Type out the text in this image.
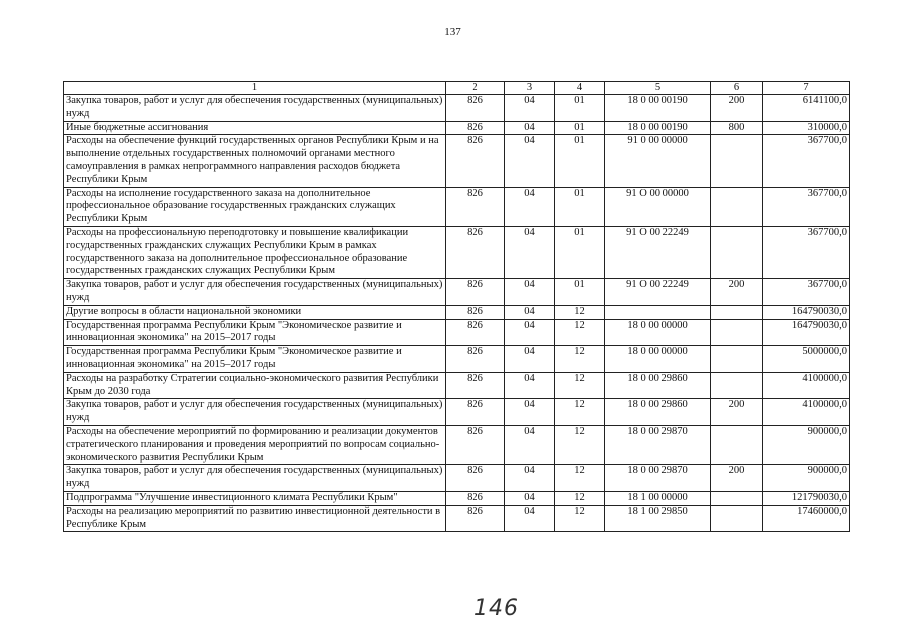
137
1	2	3	4	5	6	7
Закупка товаров, работ и услуг для обеспечения государственных (муниципальных) нужд	826	04	01	18 0 00 00190	200	6141100,0
Иные бюджетные ассигнования	826	04	01	18 0 00 00190	800	310000,0
Расходы на обеспечение функций государственных органов Республики Крым и на выполнение отдельных государственных полномочий органами местного самоуправления в рамках непрограммного направления расходов бюджета Республики Крым	826	04	01	91 0 00 00000		367700,0
Расходы на исполнение государственного заказа на дополнительное профессиональное образование государственных гражданских служащих Республики Крым	826	04	01	91 О 00 00000		367700,0
Расходы на профессиональную переподготовку и повышение квалификации государственных гражданских служащих Республики Крым в рамках государственного заказа на дополнительное профессиональное образование государственных гражданских служащих Республики Крым	826	04	01	91 О 00 22249		367700,0
Закупка товаров, работ и услуг для обеспечения государственных (муниципальных) нужд	826	04	01	91 О 00 22249	200	367700,0
Другие вопросы в области национальной экономики	826	04	12			164790030,0
Государственная программа Республики Крым "Экономическое развитие и инновационная экономика" на 2015–2017 годы	826	04	12	18 0 00 00000		164790030,0
Государственная программа Республики Крым "Экономическое развитие и инновационная экономика" на 2015–2017 годы	826	04	12	18 0 00 00000		5000000,0
Расходы на разработку Стратегии социально-экономического развития Республики Крым до 2030 года	826	04	12	18 0 00 29860		4100000,0
Закупка товаров, работ и услуг для обеспечения государственных (муниципальных) нужд	826	04	12	18 0 00 29860	200	4100000,0
Расходы на обеспечение мероприятий по формированию и реализации документов стратегического планирования и проведения мероприятий по вопросам социально-экономического развития Республики Крым	826	04	12	18 0 00 29870		900000,0
Закупка товаров, работ и услуг для обеспечения государственных (муниципальных) нужд	826	04	12	18 0 00 29870	200	900000,0
Подпрограмма "Улучшение инвестиционного климата Республики Крым"	826	04	12	18 1 00 00000		121790030,0
Расходы на реализацию мероприятий по развитию инвестиционной деятельности в Республике Крым	826	04	12	18 1 00 29850		17460000,0
146
